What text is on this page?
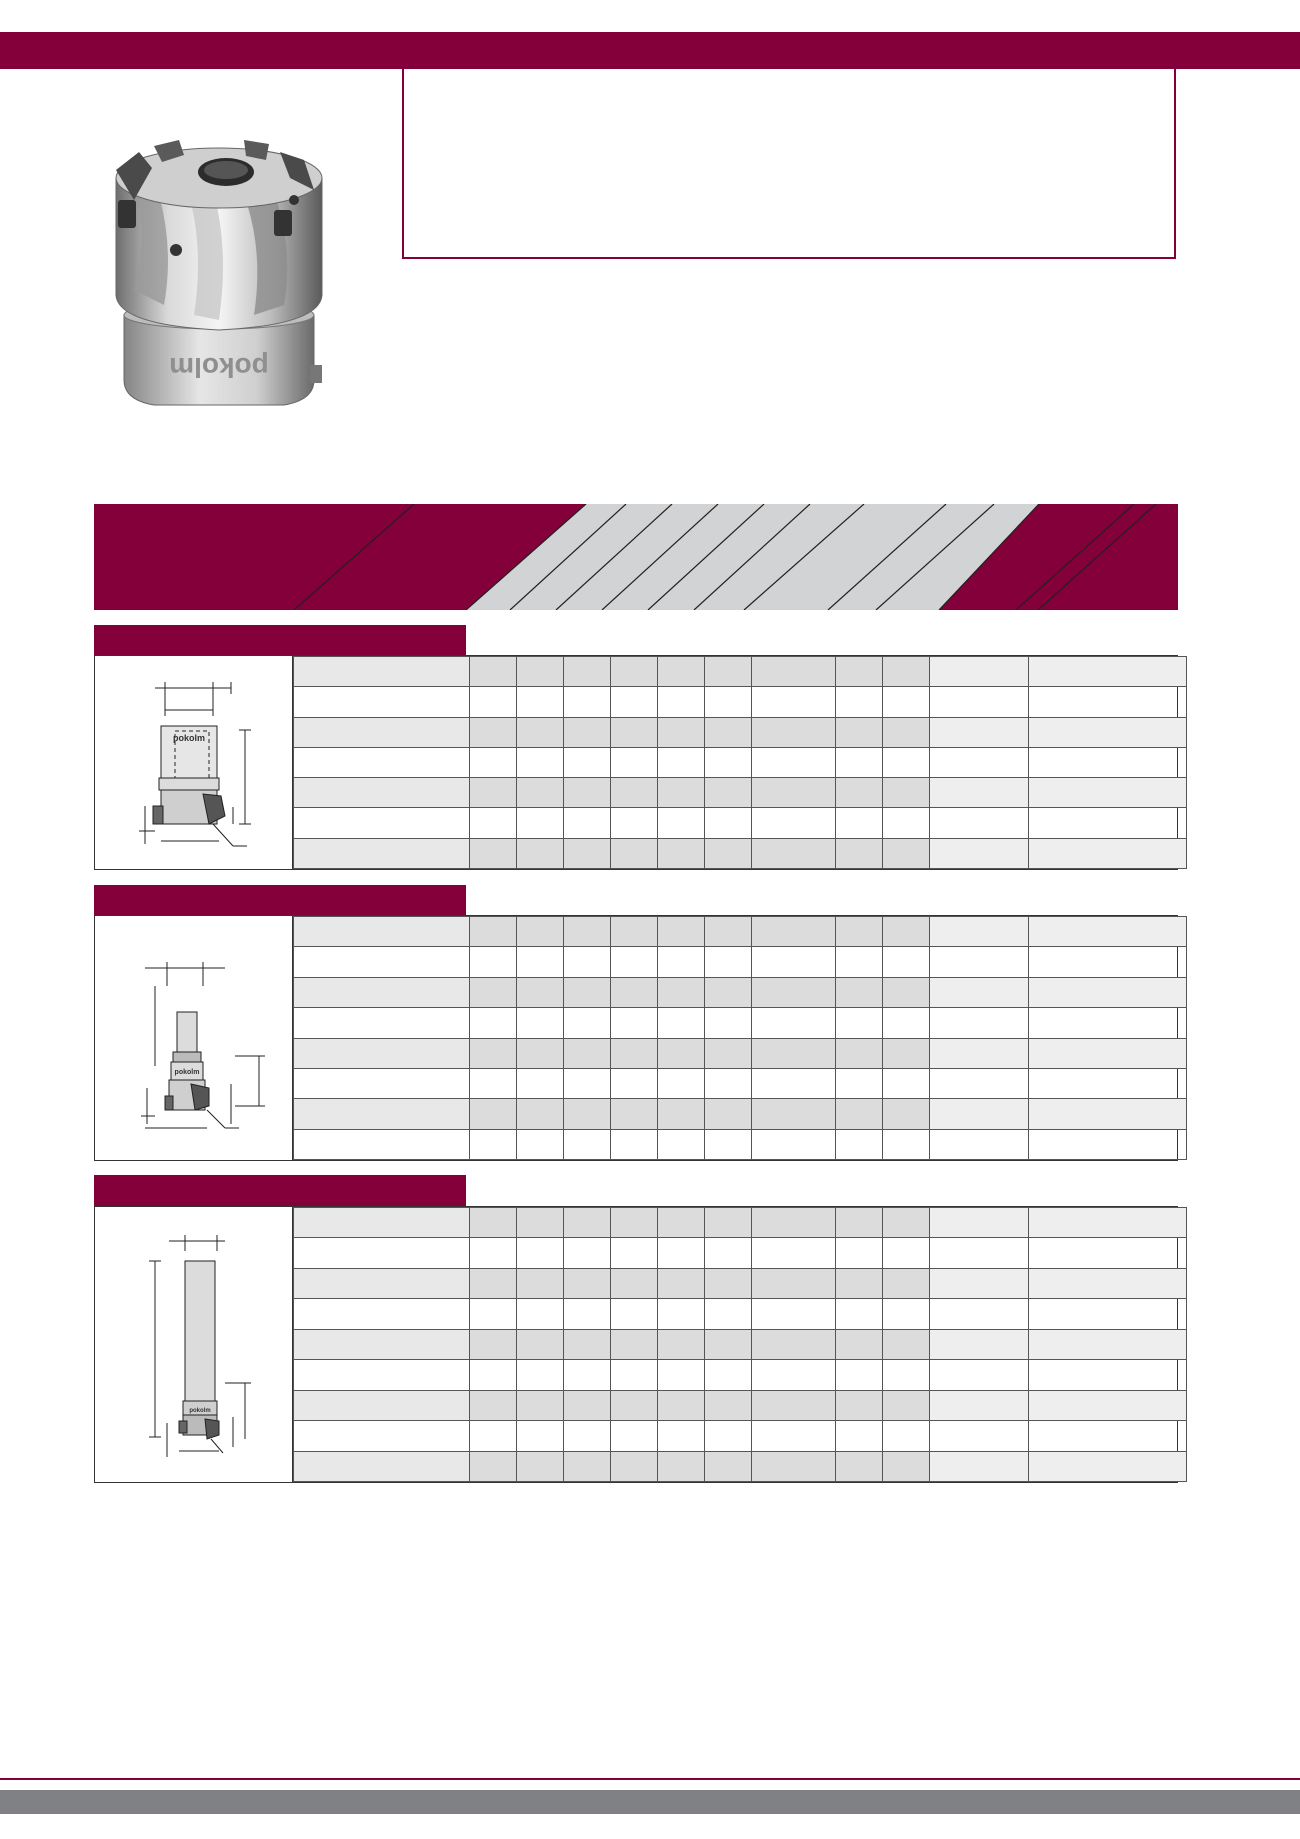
pokolm
pokolm

pokolm

pokolm
